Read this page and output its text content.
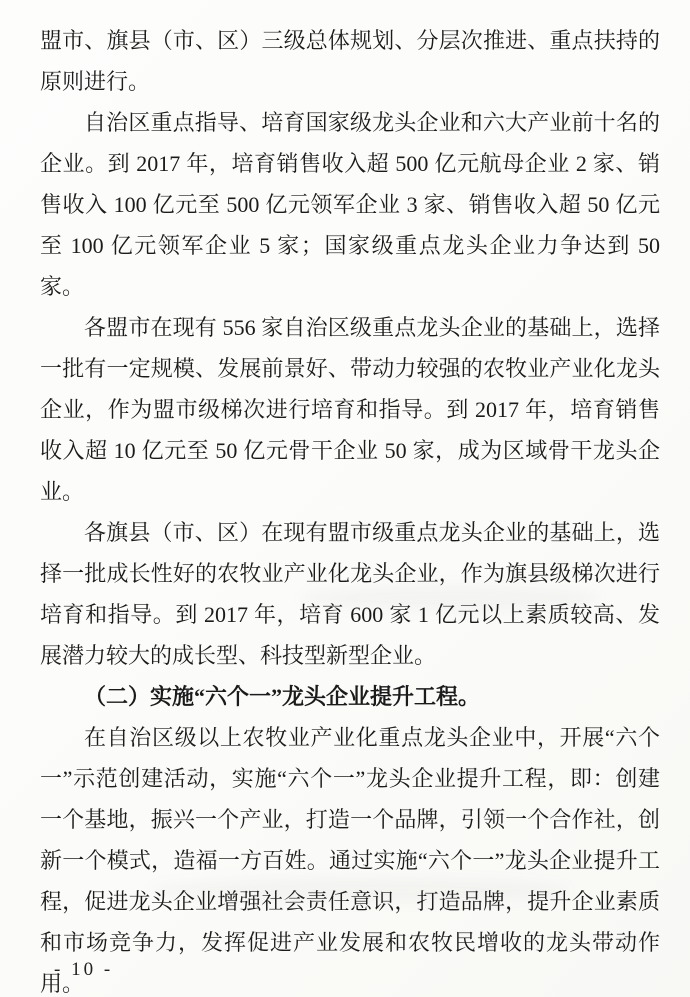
盟市、旗县（市、区）三级总体规划、分层次推进、重点扶持的原则进行。

自治区重点指导、培育国家级龙头企业和六大产业前十名的企业。到 2017 年，培育销售收入超 500 亿元航母企业 2 家、销售收入 100 亿元至 500 亿元领军企业 3 家、销售收入超 50 亿元至 100 亿元领军企业 5 家；国家级重点龙头企业力争达到 50 家。

各盟市在现有 556 家自治区级重点龙头企业的基础上，选择一批有一定规模、发展前景好、带动力较强的农牧业产业化龙头企业，作为盟市级梯次进行培育和指导。到 2017 年，培育销售收入超 10 亿元至 50 亿元骨干企业 50 家，成为区域骨干龙头企业。

各旗县（市、区）在现有盟市级重点龙头企业的基础上，选择一批成长性好的农牧业产业化龙头企业，作为旗县级梯次进行培育和指导。到 2017 年，培育 600 家 1 亿元以上素质较高、发展潜力较大的成长型、科技型新型企业。

（二）实施“六个一”龙头企业提升工程。

在自治区级以上农牧业产业化重点龙头企业中，开展“六个一”示范创建活动，实施“六个一”龙头企业提升工程，即：创建一个基地，振兴一个产业，打造一个品牌，引领一个合作社，创新一个模式，造福一方百姓。通过实施“六个一”龙头企业提升工程，促进龙头企业增强社会责任意识，打造品牌，提升企业素质和市场竞争力，发挥促进产业发展和农牧民增收的龙头带动作用。

- 10 -
